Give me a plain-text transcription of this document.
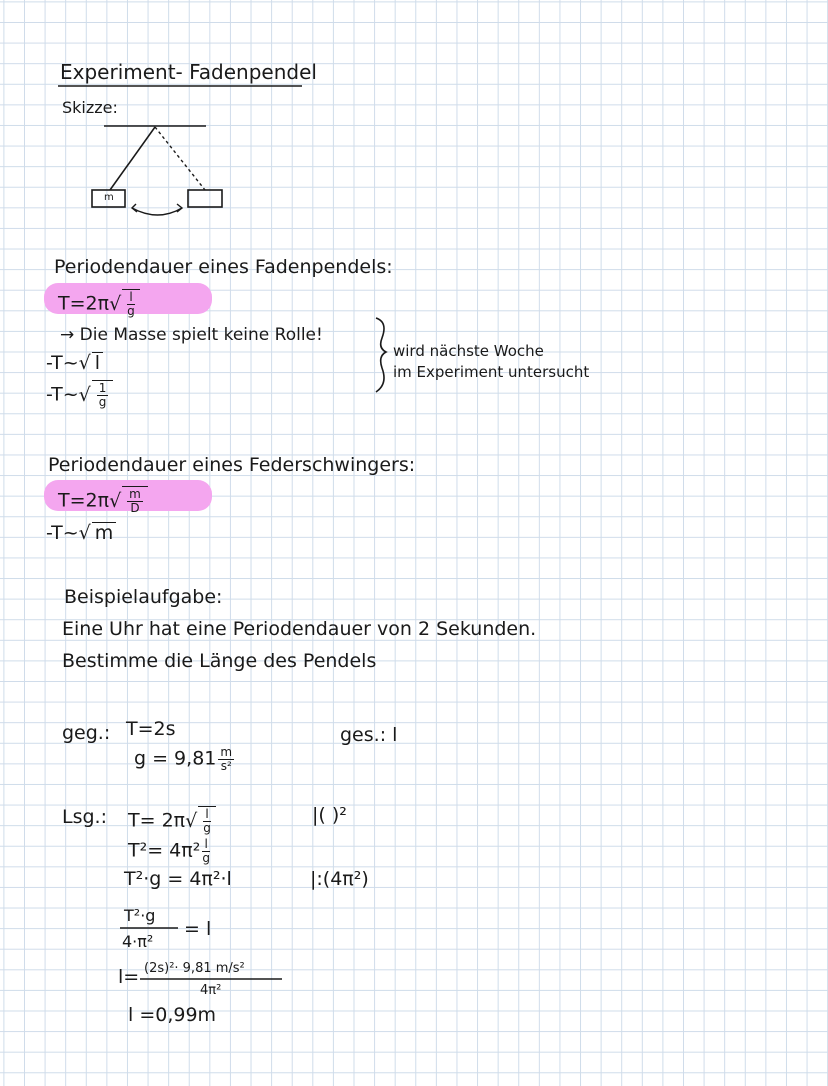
Experiment- Fadenpendel
Skizze:
m
Periodendauer eines Fadenpendels:
$T=2\pi√ \frac{l}{g}$
→ Die Masse spielt keine Rolle!
-T~√ l
-T~√ $\frac{1}{g}$
wird nächste Woche
im Experiment untersucht
Periodendauer eines Federschwingers:
$T=2\pi√ \frac{m}{D}$
-T~√ m
Beispielaufgabe:
Eine Uhr hat eine Periodendauer von 2 Sekunden.
Bestimme die Länge des Pendels
geg.: T=2s
$g = 9,81 \frac{m}{\text{s²}}$
ges.: l
Lsg.: $T= 2\pi√ \frac{l}{g}$	|( )²
$T^2= 4\pi^2 \frac{l}{g}$
T²·g = 4π²·l	|:(4π²)
T²·g
4·π²
= l
l= (2s)²· 9,81 m/s²
4π²
l =0,99m
